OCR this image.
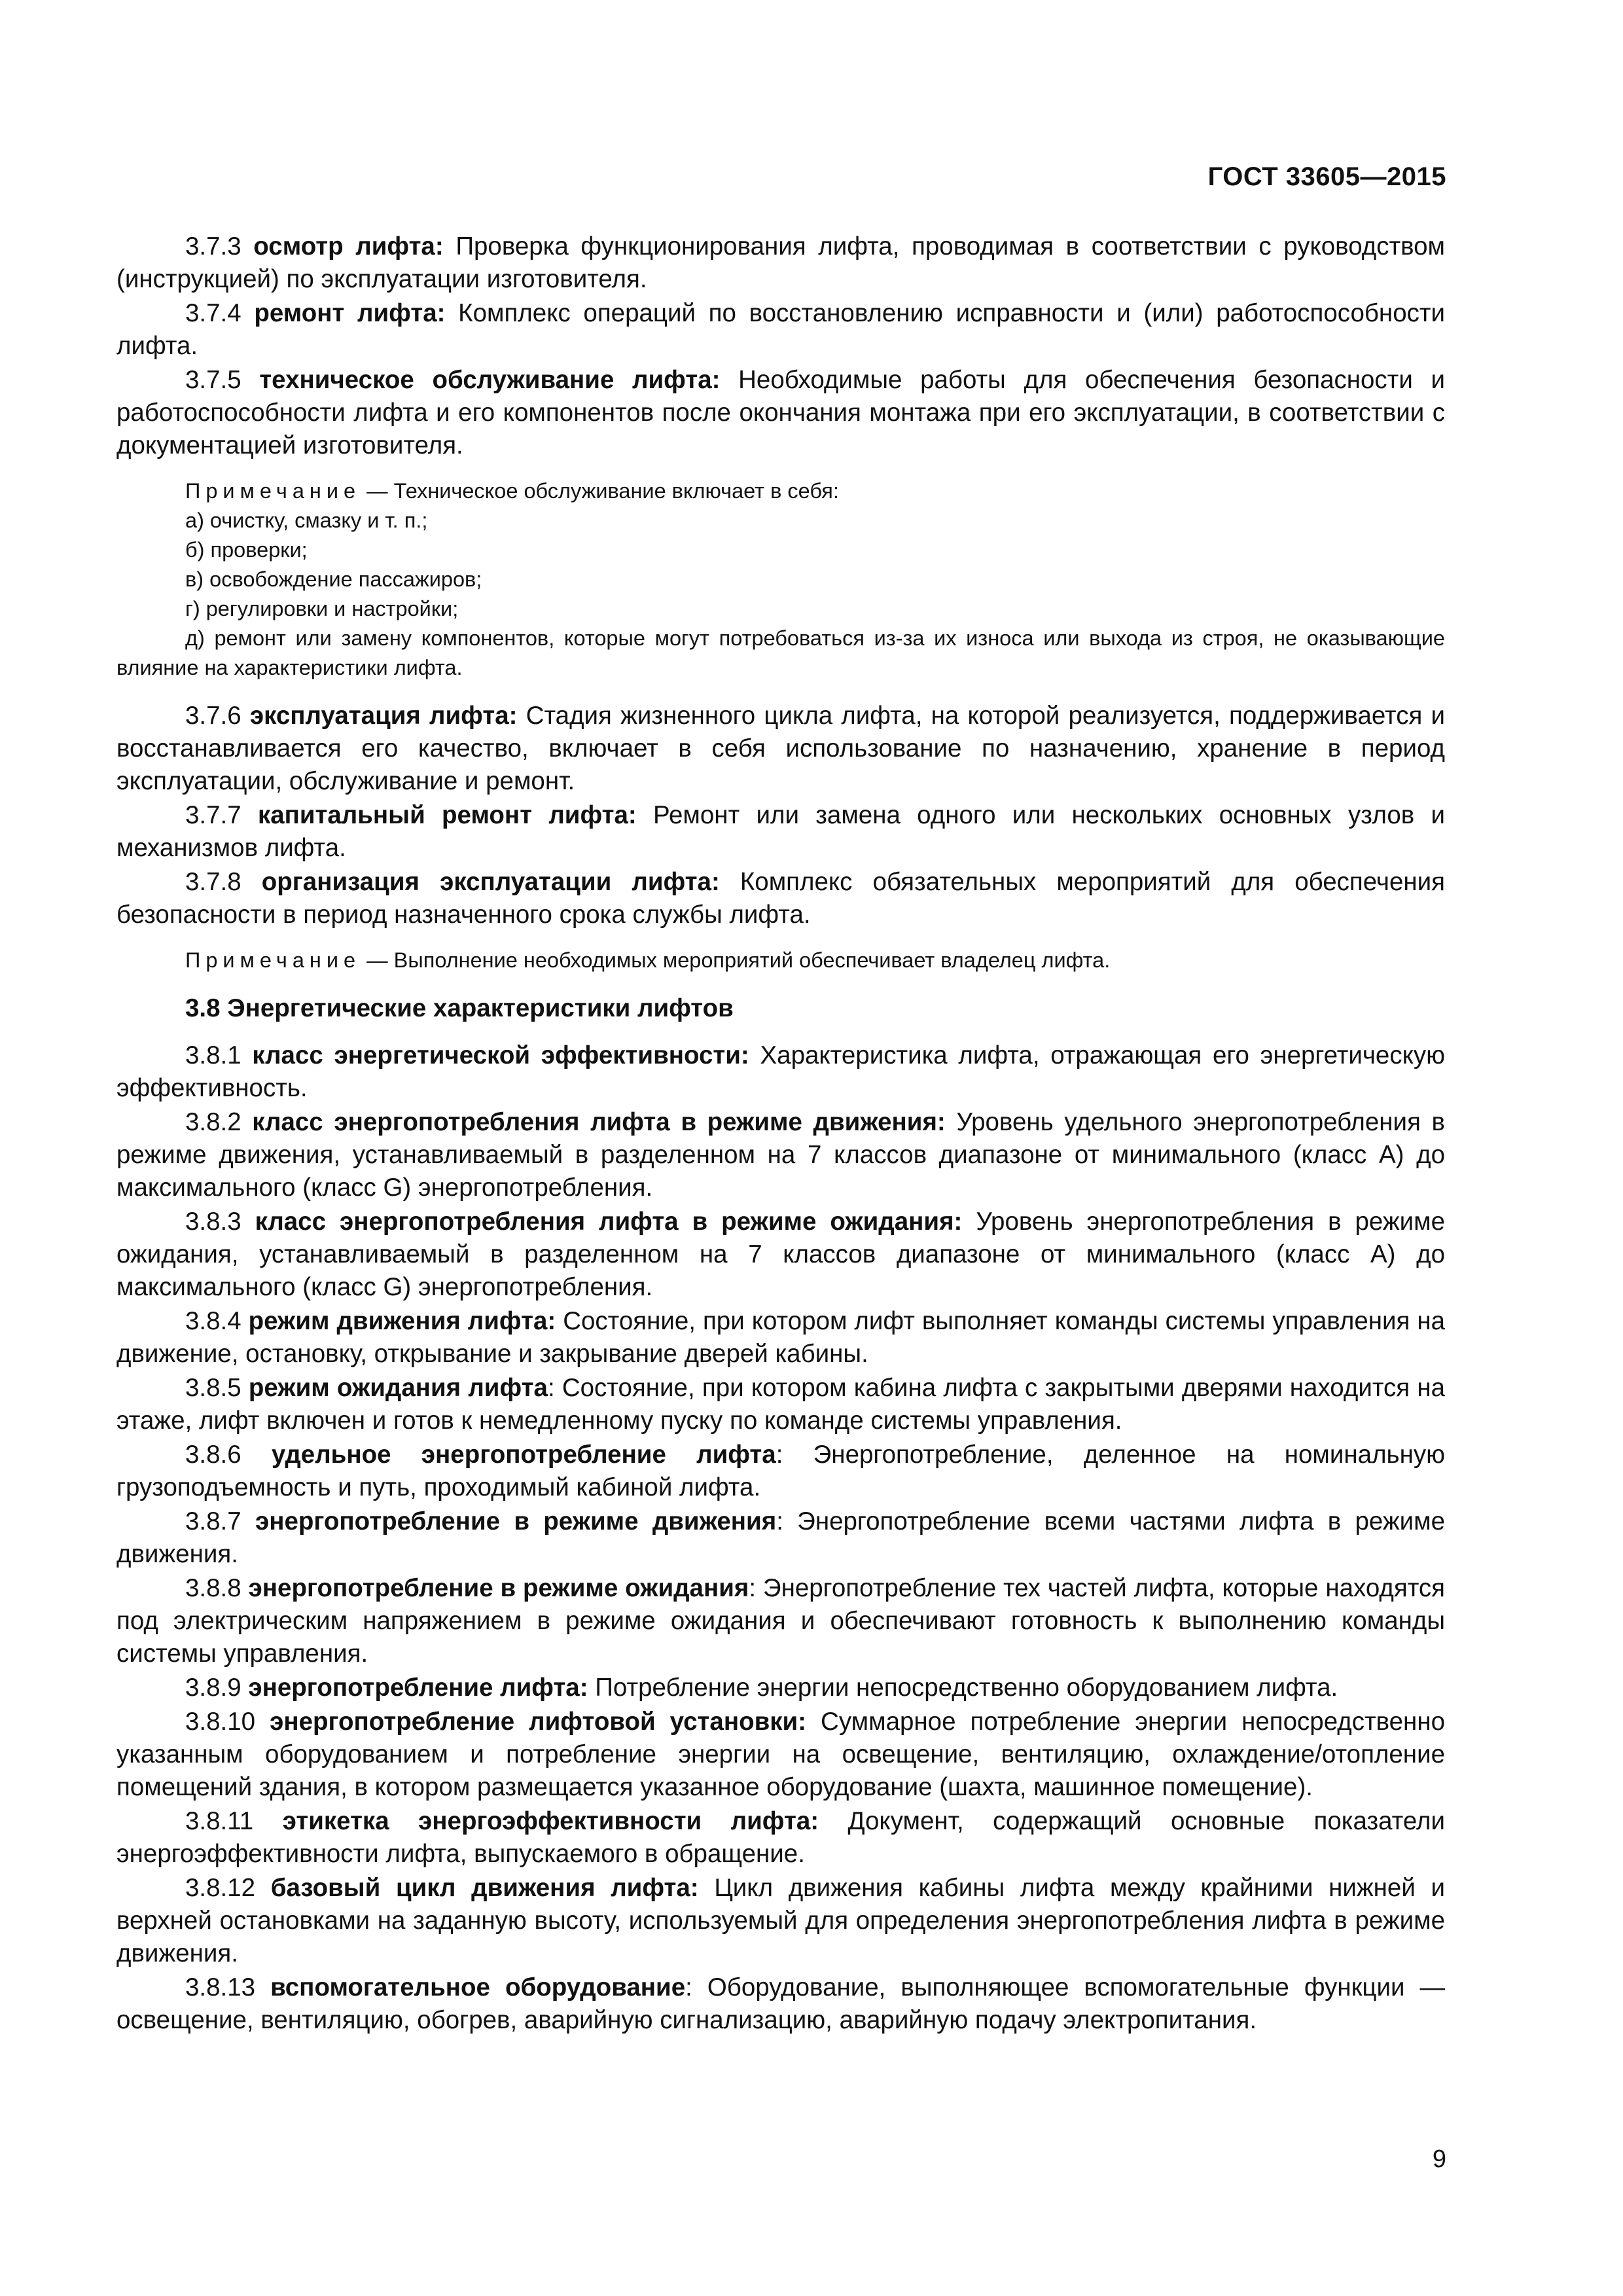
ГОСТ 33605—2015

3.7.3 осмотр лифта: Проверка функционирования лифта, проводимая в соответствии с руководством (инструкцией) по эксплуатации изготовителя.

3.7.4 ремонт лифта: Комплекс операций по восстановлению исправности и (или) работоспособности лифта.

3.7.5 техническое обслуживание лифта: Необходимые работы для обеспечения безопасности и работоспособности лифта и его компонентов после окончания монтажа при его эксплуатации, в соответствии с документацией изготовителя.

Примечание — Техническое обслуживание включает в себя:

а) очистку, смазку и т. п.;

б) проверки;

в) освобождение пассажиров;

г) регулировки и настройки;

д) ремонт или замену компонентов, которые могут потребоваться из-за их износа или выхода из строя, не оказывающие влияние на характеристики лифта.

3.7.6 эксплуатация лифта: Стадия жизненного цикла лифта, на которой реализуется, поддерживается и восстанавливается его качество, включает в себя использование по назначению, хранение в период эксплуатации, обслуживание и ремонт.

3.7.7 капитальный ремонт лифта: Ремонт или замена одного или нескольких основных узлов и механизмов лифта.

3.7.8 организация эксплуатации лифта: Комплекс обязательных мероприятий для обеспечения безопасности в период назначенного срока службы лифта.

Примечание — Выполнение необходимых мероприятий обеспечивает владелец лифта.

3.8 Энергетические характеристики лифтов

3.8.1 класс энергетической эффективности: Характеристика лифта, отражающая его энергетическую эффективность.

3.8.2 класс энергопотребления лифта в режиме движения: Уровень удельного энергопотребления в режиме движения, устанавливаемый в разделенном на 7 классов диапазоне от минимального (класс А) до максимального (класс G) энергопотребления.

3.8.3 класс энергопотребления лифта в режиме ожидания: Уровень энергопотребления в режиме ожидания, устанавливаемый в разделенном на 7 классов диапазоне от минимального (класс А) до максимального (класс G) энергопотребления.

3.8.4 режим движения лифта: Состояние, при котором лифт выполняет команды системы управления на движение, остановку, открывание и закрывание дверей кабины.

3.8.5 режим ожидания лифта: Состояние, при котором кабина лифта с закрытыми дверями находится на этаже, лифт включен и готов к немедленному пуску по команде системы управления.

3.8.6 удельное энергопотребление лифта: Энергопотребление, деленное на номинальную грузоподъемность и путь, проходимый кабиной лифта.

3.8.7 энергопотребление в режиме движения: Энергопотребление всеми частями лифта в режиме движения.

3.8.8 энергопотребление в режиме ожидания: Энергопотребление тех частей лифта, которые находятся под электрическим напряжением в режиме ожидания и обеспечивают готовность к выполнению команды системы управления.

3.8.9 энергопотребление лифта: Потребление энергии непосредственно оборудованием лифта.

3.8.10 энергопотребление лифтовой установки: Суммарное потребление энергии непосредственно указанным оборудованием и потребление энергии на освещение, вентиляцию, охлаждение/отопление помещений здания, в котором размещается указанное оборудование (шахта, машинное помещение).

3.8.11 этикетка энергоэффективности лифта: Документ, содержащий основные показатели энергоэффективности лифта, выпускаемого в обращение.

3.8.12 базовый цикл движения лифта: Цикл движения кабины лифта между крайними нижней и верхней остановками на заданную высоту, используемый для определения энергопотребления лифта в режиме движения.

3.8.13 вспомогательное оборудование: Оборудование, выполняющее вспомогательные функции — освещение, вентиляцию, обогрев, аварийную сигнализацию, аварийную подачу электропитания.

9
